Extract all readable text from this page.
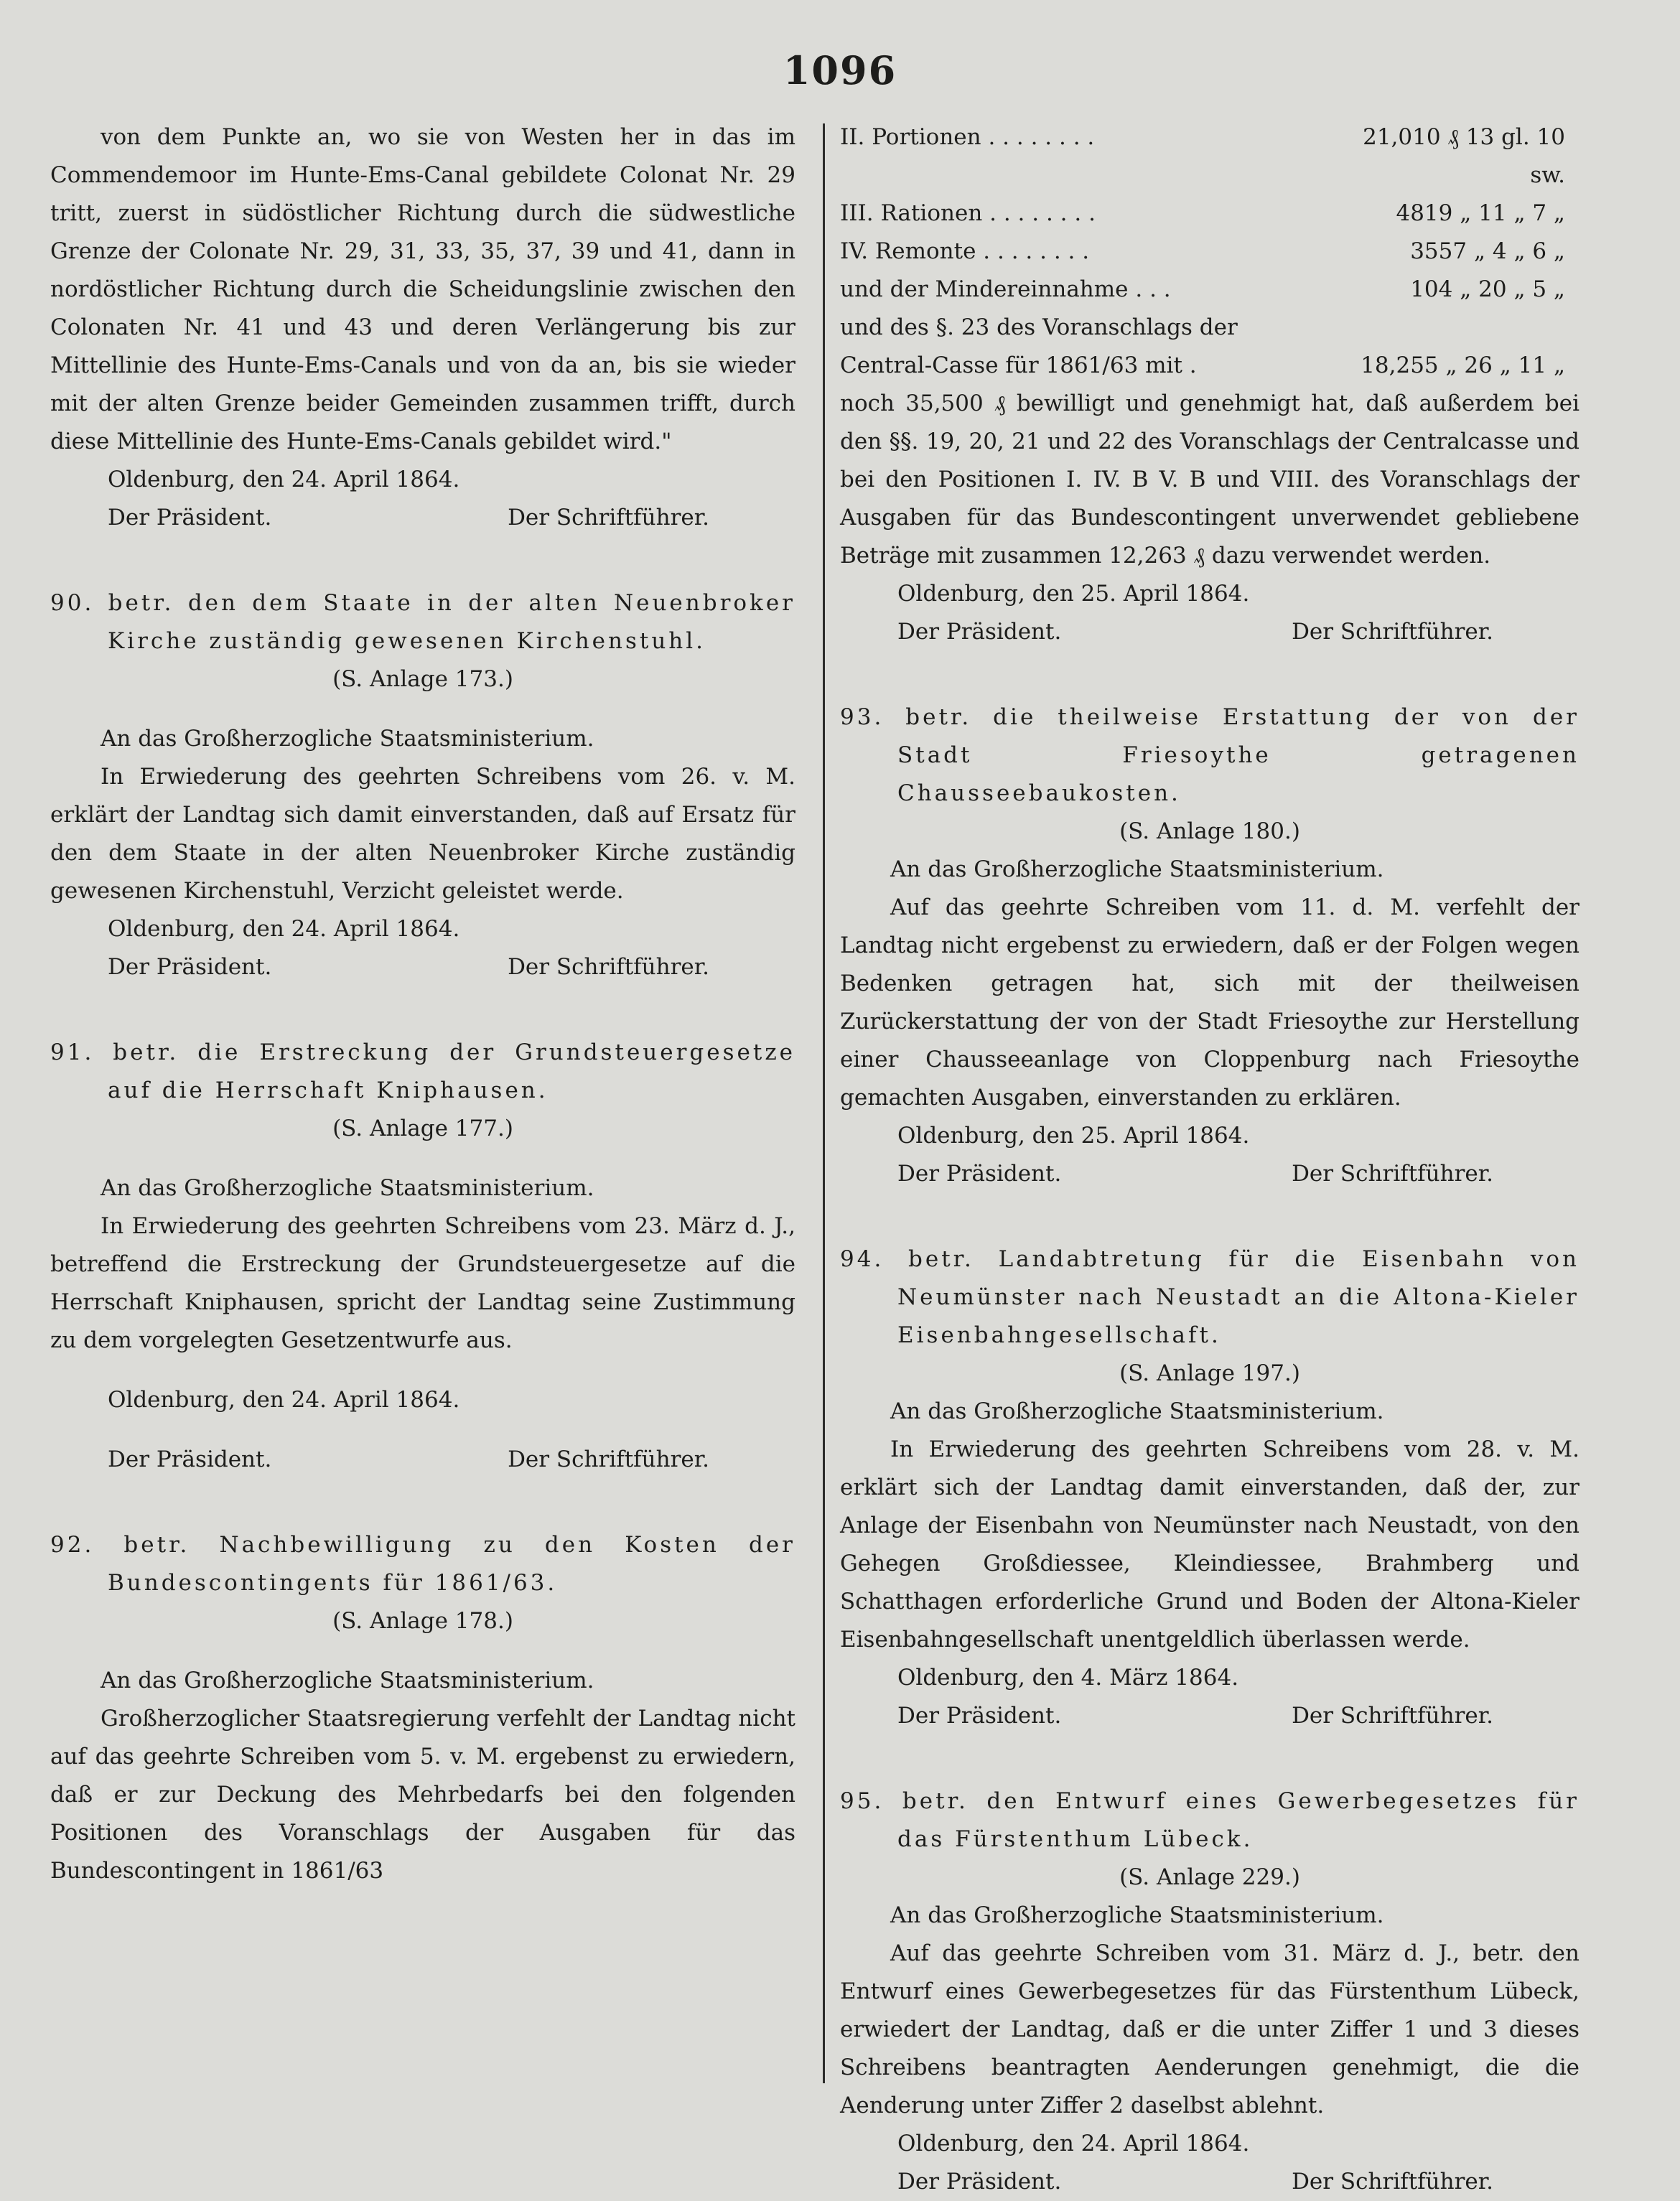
1096

von dem Punkte an, wo sie von Westen her in das im Commendemoor im Hunte-Ems-Canal gebildete Colonat Nr. 29 tritt, zuerst in südöstlicher Richtung durch die südwestliche Grenze der Colonate Nr. 29, 31, 33, 35, 37, 39 und 41, dann in nordöstlicher Richtung durch die Scheidungslinie zwischen den Colonaten Nr. 41 und 43 und deren Verlängerung bis zur Mittellinie des Hunte-Ems-Canals und von da an, bis sie wieder mit der alten Grenze beider Gemeinden zusammen trifft, durch diese Mittellinie des Hunte-Ems-Canals gebildet wird."

Oldenburg, den 24. April 1864.

Der Präsident.	Der Schriftführer.

90. betr. den dem Staate in der alten Neuenbroker Kirche zuständig gewesenen Kirchenstuhl.

(S. Anlage 173.)

An das Großherzogliche Staatsministerium.

In Erwiederung des geehrten Schreibens vom 26. v. M. erklärt der Landtag sich damit einverstanden, daß auf Ersatz für den dem Staate in der alten Neuenbroker Kirche zuständig gewesenen Kirchenstuhl, Verzicht geleistet werde.

Oldenburg, den 24. April 1864.

Der Präsident.	Der Schriftführer.

91. betr. die Erstreckung der Grundsteuergesetze auf die Herrschaft Kniphausen.

(S. Anlage 177.)

An das Großherzogliche Staatsministerium.

In Erwiederung des geehrten Schreibens vom 23. März d. J., betreffend die Erstreckung der Grundsteuergesetze auf die Herrschaft Kniphausen, spricht der Landtag seine Zustimmung zu dem vorgelegten Gesetzentwurfe aus.

Oldenburg, den 24. April 1864.

Der Präsident.	Der Schriftführer.

92. betr. Nachbewilligung zu den Kosten der Bundescontingents für 1861/63.

(S. Anlage 178.)

An das Großherzogliche Staatsministerium.

Großherzoglicher Staatsregierung verfehlt der Landtag nicht auf das geehrte Schreiben vom 5. v. M. ergebenst zu erwiedern, daß er zur Deckung des Mehrbedarfs bei den folgenden Positionen des Voranschlags der Ausgaben für das Bundescontingent in 1861/63

II. Portionen . . . . . . . .	21,010 ₰ 13 gl. 10 sw.
III. Rationen . . . . . . . .	4819 „ 11 „ 7 „
IV. Remonte . . . . . . . .	3557 „ 4 „ 6 „
und der Mindereinnahme . . .	104 „ 20 „ 5 „

und des §. 23 des Voranschlags der

Central-Casse für 1861/63 mit .	18,255 „ 26 „ 11 „

noch 35,500 ₰ bewilligt und genehmigt hat, daß außerdem bei den §§. 19, 20, 21 und 22 des Voranschlags der Centralcasse und bei den Positionen I. IV. B V. B und VIII. des Voranschlags der Ausgaben für das Bundescontingent unverwendet gebliebene Beträge mit zusammen 12,263 ₰ dazu verwendet werden.

Oldenburg, den 25. April 1864.

Der Präsident.	Der Schriftführer.

93. betr. die theilweise Erstattung der von der Stadt Friesoythe getragenen Chausseebaukosten.

(S. Anlage 180.)

An das Großherzogliche Staatsministerium.

Auf das geehrte Schreiben vom 11. d. M. verfehlt der Landtag nicht ergebenst zu erwiedern, daß er der Folgen wegen Bedenken getragen hat, sich mit der theilweisen Zurückerstattung der von der Stadt Friesoythe zur Herstellung einer Chausseeanlage von Cloppenburg nach Friesoythe gemachten Ausgaben, einverstanden zu erklären.

Oldenburg, den 25. April 1864.

Der Präsident.	Der Schriftführer.

94. betr. Landabtretung für die Eisenbahn von Neumünster nach Neustadt an die Altona-Kieler Eisenbahngesellschaft.

(S. Anlage 197.)

An das Großherzogliche Staatsministerium.

In Erwiederung des geehrten Schreibens vom 28. v. M. erklärt sich der Landtag damit einverstanden, daß der, zur Anlage der Eisenbahn von Neumünster nach Neustadt, von den Gehegen Großdiessee, Kleindiessee, Brahmberg und Schatthagen erforderliche Grund und Boden der Altona-Kieler Eisenbahngesellschaft unentgeldlich überlassen werde.

Oldenburg, den 4. März 1864.

Der Präsident.	Der Schriftführer.

95. betr. den Entwurf eines Gewerbegesetzes für das Fürstenthum Lübeck.

(S. Anlage 229.)

An das Großherzogliche Staatsministerium.

Auf das geehrte Schreiben vom 31. März d. J., betr. den Entwurf eines Gewerbegesetzes für das Fürstenthum Lübeck, erwiedert der Landtag, daß er die unter Ziffer 1 und 3 dieses Schreibens beantragten Aenderungen genehmigt, die die Aenderung unter Ziffer 2 daselbst ablehnt.

Oldenburg, den 24. April 1864.

Der Präsident.	Der Schriftführer.
